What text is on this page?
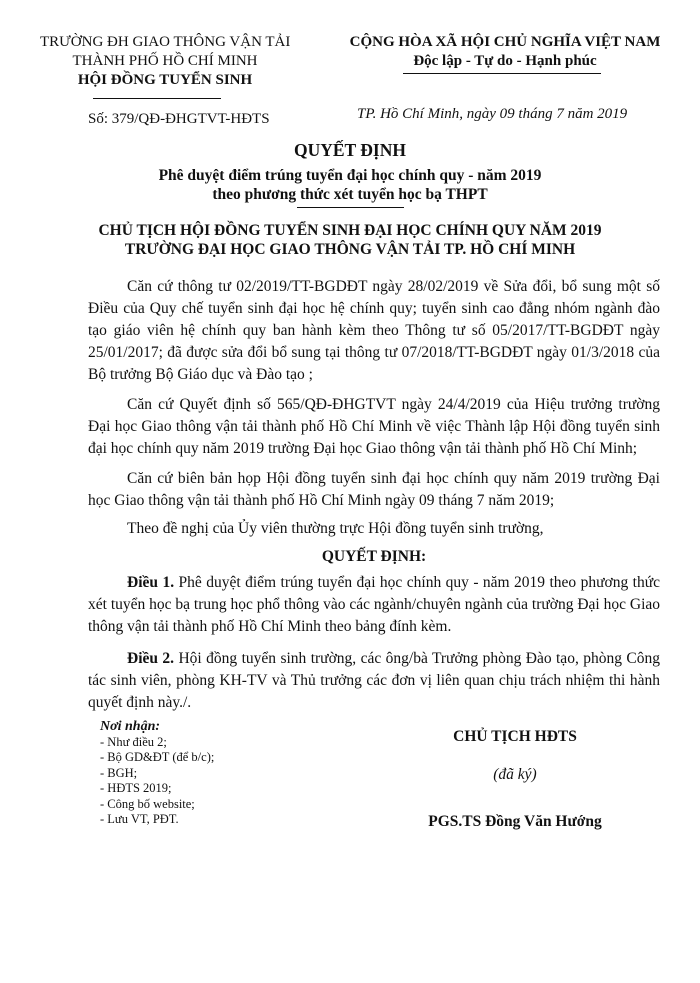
TRƯỜNG ĐH GIAO THÔNG VẬN TẢI
THÀNH PHỐ HỒ CHÍ MINH
HỘI ĐỒNG TUYỂN SINH
CỘNG HÒA XÃ HỘI CHỦ NGHĨA VIỆT NAM
Độc lập - Tự do - Hạnh phúc
Số: 379/QĐ-ĐHGTVT-HĐTS	TP. Hồ Chí Minh, ngày 09 tháng 7 năm 2019
QUYẾT ĐỊNH
Phê duyệt điểm trúng tuyển đại học chính quy - năm 2019
theo phương thức xét tuyển học bạ THPT
CHỦ TỊCH HỘI ĐỒNG TUYỂN SINH ĐẠI HỌC CHÍNH QUY NĂM 2019
TRƯỜNG ĐẠI HỌC GIAO THÔNG VẬN TẢI TP. HỒ CHÍ MINH

Căn cứ thông tư 02/2019/TT-BGDĐT ngày 28/02/2019 về Sửa đổi, bổ sung một số Điều của Quy chế tuyển sinh đại học hệ chính quy; tuyển sinh cao đẳng nhóm ngành đào tạo giáo viên hệ chính quy ban hành kèm theo Thông tư số 05/2017/TT-BGDĐT ngày 25/01/2017; đã được sửa đổi bổ sung tại thông tư 07/2018/TT-BGDĐT ngày 01/3/2018 của Bộ trưởng Bộ Giáo dục và Đào tạo ;

Căn cứ Quyết định số 565/QĐ-ĐHGTVT ngày 24/4/2019 của Hiệu trưởng trường Đại học Giao thông vận tải thành phố Hồ Chí Minh về việc Thành lập Hội đồng tuyển sinh đại học chính quy năm 2019 trường Đại học Giao thông vận tải thành phố Hồ Chí Minh;

Căn cứ biên bản họp Hội đồng tuyển sinh đại học chính quy năm 2019 trường Đại học Giao thông vận tải thành phố Hồ Chí Minh ngày 09 tháng 7 năm 2019;

Theo đề nghị của Ủy viên thường trực Hội đồng tuyển sinh trường,

QUYẾT ĐỊNH:

Điều 1. Phê duyệt điểm trúng tuyển đại học chính quy - năm 2019 theo phương thức xét tuyển học bạ trung học phổ thông vào các ngành/chuyên ngành của trường Đại học Giao thông vận tải thành phố Hồ Chí Minh theo bảng đính kèm.

Điều 2. Hội đồng tuyển sinh trường, các ông/bà Trưởng phòng Đào tạo, phòng Công tác sinh viên, phòng KH-TV và Thủ trưởng các đơn vị liên quan chịu trách nhiệm thi hành quyết định này./.

Nơi nhận:
- Như điều 2;
- Bộ GD&ĐT (để b/c);
- BGH;
- HĐTS 2019;
- Công bố website;
- Lưu VT, PĐT.
CHỦ TỊCH HĐTS
(đã ký)
PGS.TS Đồng Văn Hướng
